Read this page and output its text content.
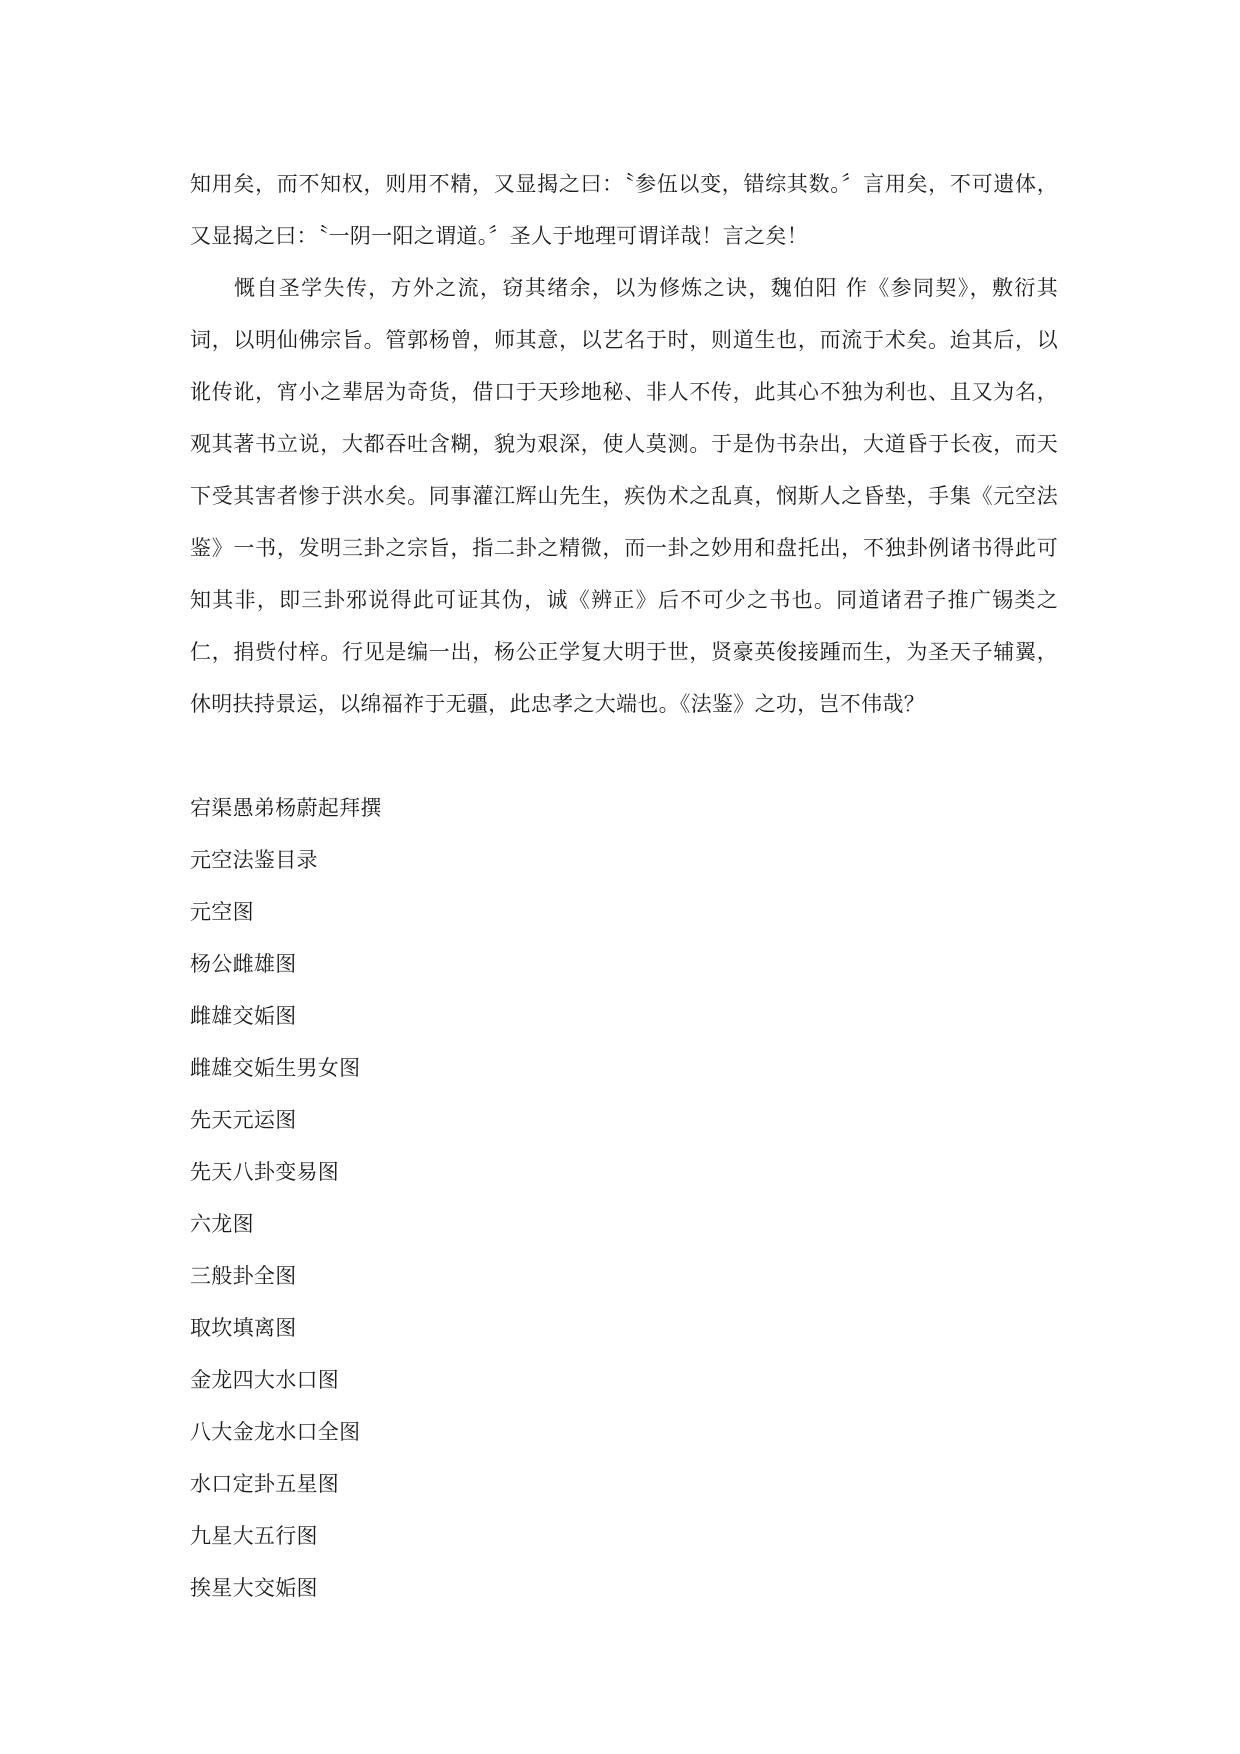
知用矣，而不知权，则用不精，又显揭之曰：〝参伍以变，错综其数。〞言用矣，不可遗体，又显揭之曰：〝一阴一阳之谓道。〞圣人于地理可谓详哉！言之矣！

慨自圣学失传，方外之流，窃其绪余，以为修炼之诀，魏伯阳 作《参同契》，敷衍其词，以明仙佛宗旨。管郭杨曾，师其意，以艺名于时，则道生也，而流于术矣。迨其后，以讹传讹，宵小之辈居为奇货，借口于天珍地秘、非人不传，此其心不独为利也、且又为名，观其著书立说，大都吞吐含糊，貌为艰深，使人莫测。于是伪书杂出，大道昏于长夜，而天下受其害者惨于洪水矣。同事灌江辉山先生，疾伪术之乱真，悯斯人之昏垫，手集《元空法鉴》一书，发明三卦之宗旨，指二卦之精微，而一卦之妙用和盘托出，不独卦例诸书得此可知其非，即三卦邪说得此可证其伪，诚《辨正》后不可少之书也。同道诸君子推广锡类之仁，捐赀付梓。行见是编一出，杨公正学复大明于世，贤豪英俊接踵而生，为圣天子辅翼，休明扶持景运，以绵福祚于无疆，此忠孝之大端也。《法鉴》之功，岂不伟哉？

宕渠愚弟杨蔚起拜撰
元空法鉴目录
元空图
杨公雌雄图
雌雄交姤图
雌雄交姤生男女图
先天元运图
先天八卦变易图
六龙图
三般卦全图
取坎填离图
金龙四大水口图
八大金龙水口全图
水口定卦五星图
九星大五行图
挨星大交姤图
